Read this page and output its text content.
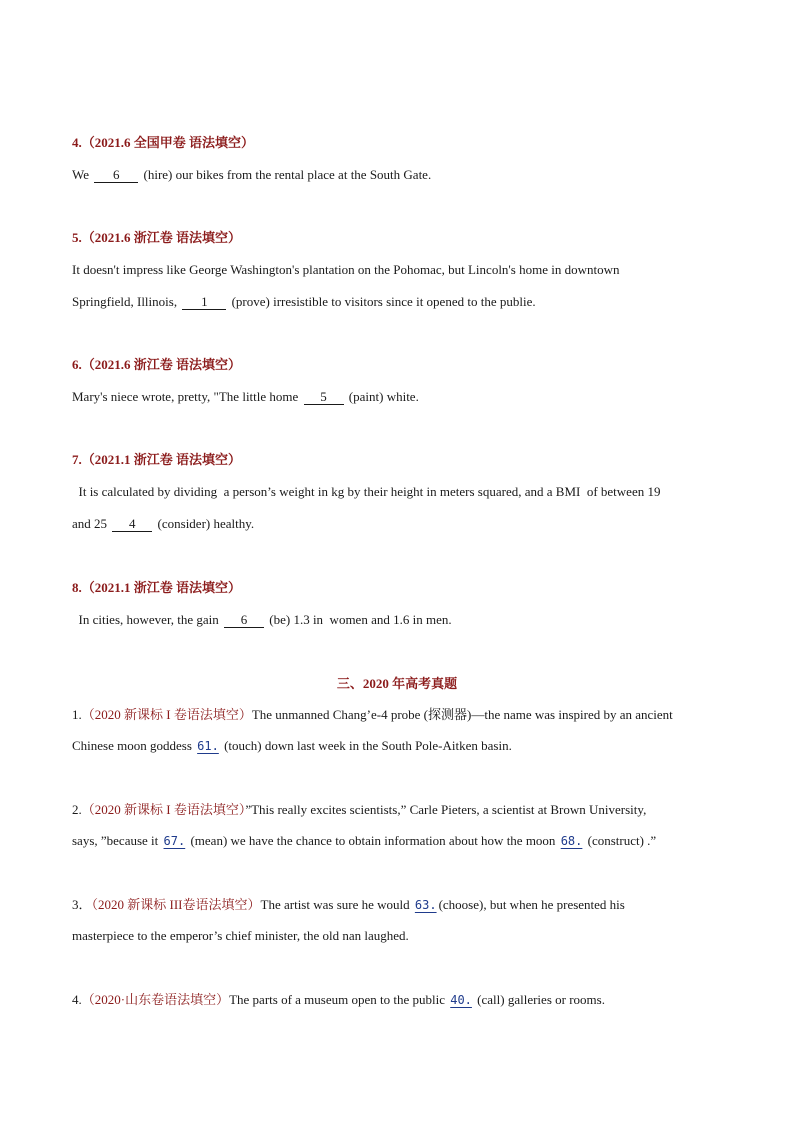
4.（2021.6 全国甲卷 语法填空）
We 6 (hire) our bikes from the rental place at the South Gate.
5.（2021.6 浙江卷 语法填空）
It doesn't impress like George Washington's plantation on the Pohomac, but Lincoln's home in downtown
Springfield, Illinois, 1 (prove) irresistible to visitors since it opened to the publie.
6.（2021.6 浙江卷 语法填空）
Mary's niece wrote, pretty, "The little home 5 (paint) white.
7.（2021.1 浙江卷 语法填空）
It is calculated by dividing  a person’s weight in kg by their height in meters squared, and a BMI  of between 19
and 25 4 (consider) healthy.
8.（2021.1 浙江卷 语法填空）
In cities, however, the gain 6 (be) 1.3 in  women and 1.6 in men.
三、2020 年高考真题
1.（2020 新课标 I 卷语法填空）The unmanned Chang’e-4 probe (探测器)—the name was inspired by an ancient
Chinese moon goddess 61. (touch) down last week in the South Pole-Aitken basin.
2.（2020 新课标 I 卷语法填空）”This really excites scientists,” Carle Pieters, a scientist at Brown University,
says, ”because it 67. (mean) we have the chance to obtain information about how the moon 68. (construct) .”
3．（2020 新课标 III卷语法填空）The artist was sure he would 63. (choose), but when he presented his
masterpiece to the emperor’s chief minister, the old nan laughed.
4.（2020·山东卷语法填空）The parts of a museum open to the public 40. (call) galleries or rooms.
